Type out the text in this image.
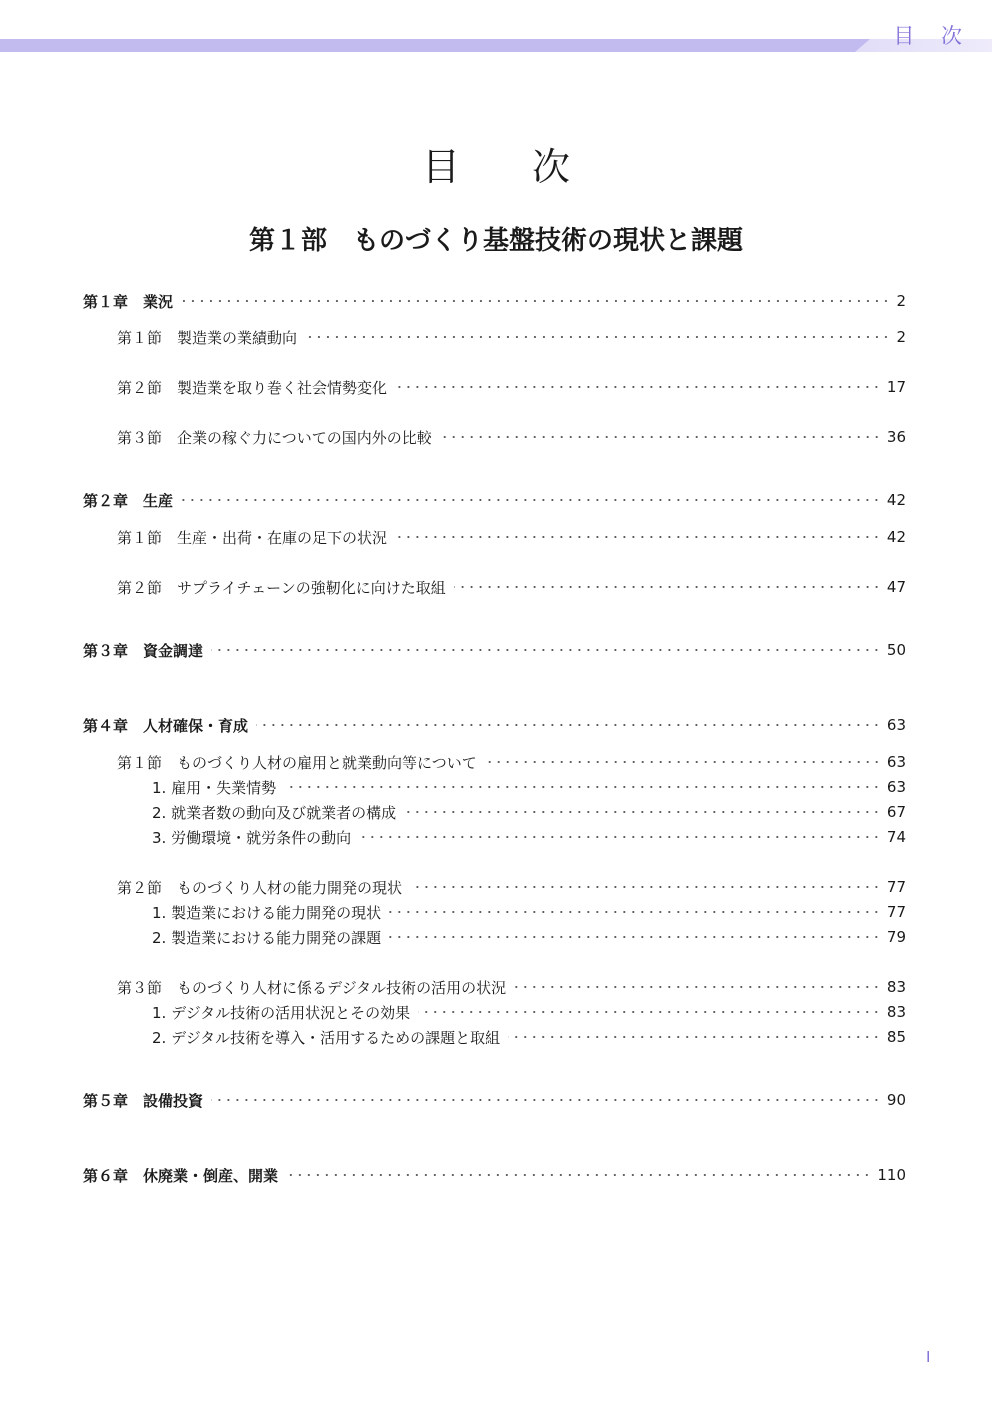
目 次
目 次
第１部　ものづくり基盤技術の現状と課題
第１章　業況	2
第１節　製造業の業績動向	2
第２節　製造業を取り巻く社会情勢変化	17
第３節　企業の稼ぐ力についての国内外の比較	36
第２章　生産	42
第１節　生産・出荷・在庫の足下の状況	42
第２節　サプライチェーンの強靭化に向けた取組	47
第３章　資金調達	50
第４章　人材確保・育成	63
第１節　ものづくり人材の雇用と就業動向等について	63
1. 雇用・失業情勢	63
2. 就業者数の動向及び就業者の構成	67
3. 労働環境・就労条件の動向	74
第２節　ものづくり人材の能力開発の現状	77
1. 製造業における能力開発の現状	77
2. 製造業における能力開発の課題	79
第３節　ものづくり人材に係るデジタル技術の活用の状況	83
1. デジタル技術の活用状況とその効果	83
2. デジタル技術を導入・活用するための課題と取組	85
第５章　設備投資	90
第６章　休廃業・倒産、開業	110
I
